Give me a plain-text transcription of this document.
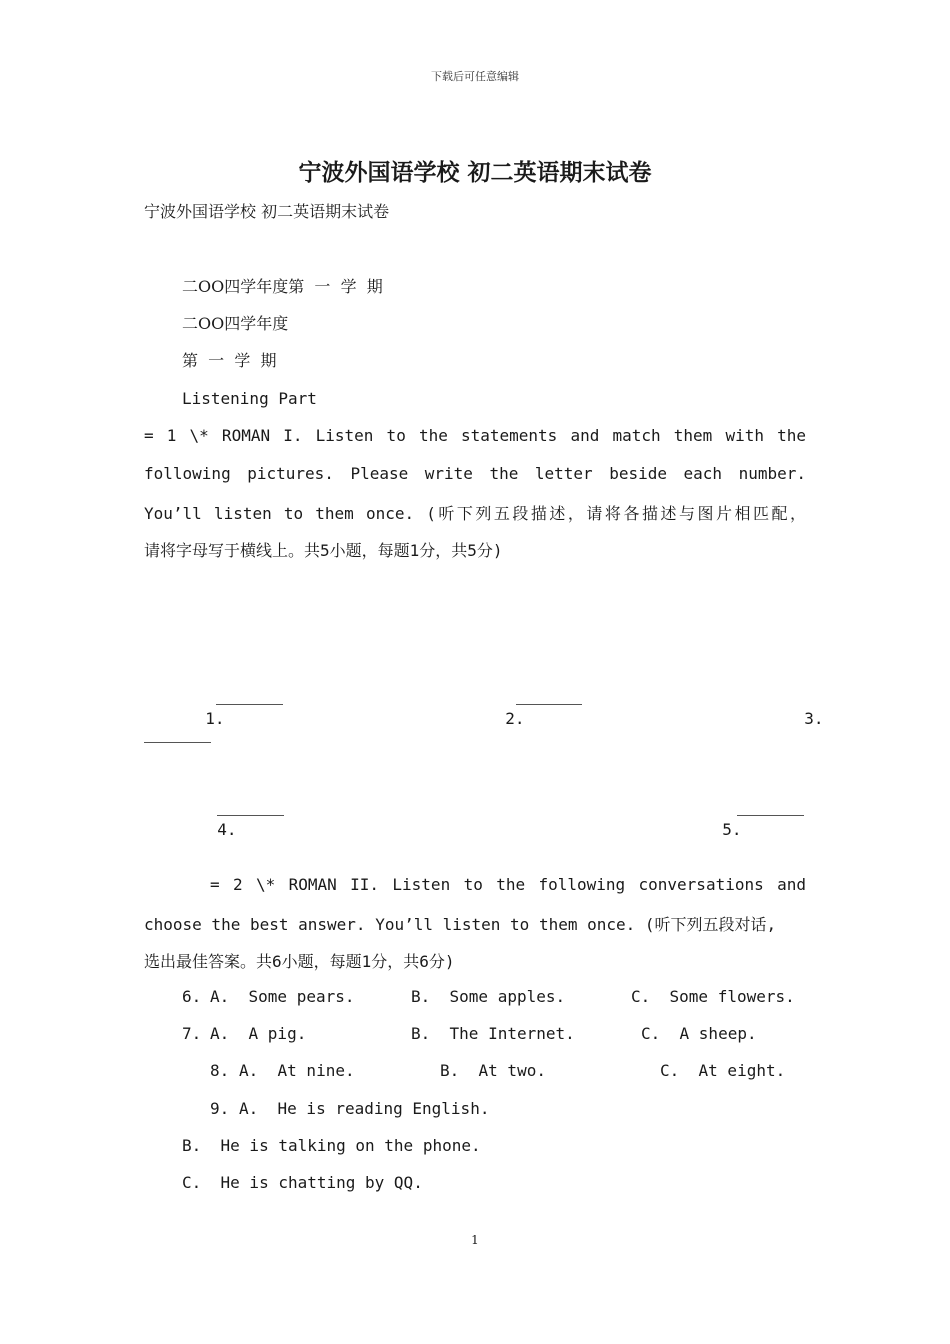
下载后可任意编辑
宁波外国语学校 初二英语期末试卷
宁波外国语学校 初二英语期末试卷
二OO四学年度第  一  学  期
二OO四学年度
第  一  学  期
Listening Part
= 1 \* ROMAN I. Listen to the statements and match them with the
following pictures. Please write the letter beside each number.
You’ll listen to them once. (听下列五段描述，请将各描述与图片相匹配，
请将字母写于横线上。共5小题，每题1分，共5分)

1.	2.	3.

4.	5.

= 2 \* ROMAN II. Listen to the following conversations and
choose the best answer. You’ll listen to them once. (听下列五段对话,
选出最佳答案。共6小题，每题1分，共6分)
6. A.  Some pears.	B.  Some apples.	C.  Some flowers.
7. A.  A pig.	B.  The Internet.	C.  A sheep.
8. A.  At nine.	B.  At two.	C.  At eight.
9. A.  He is reading English.
B.  He is talking on the phone.
C.  He is chatting by QQ.
1
